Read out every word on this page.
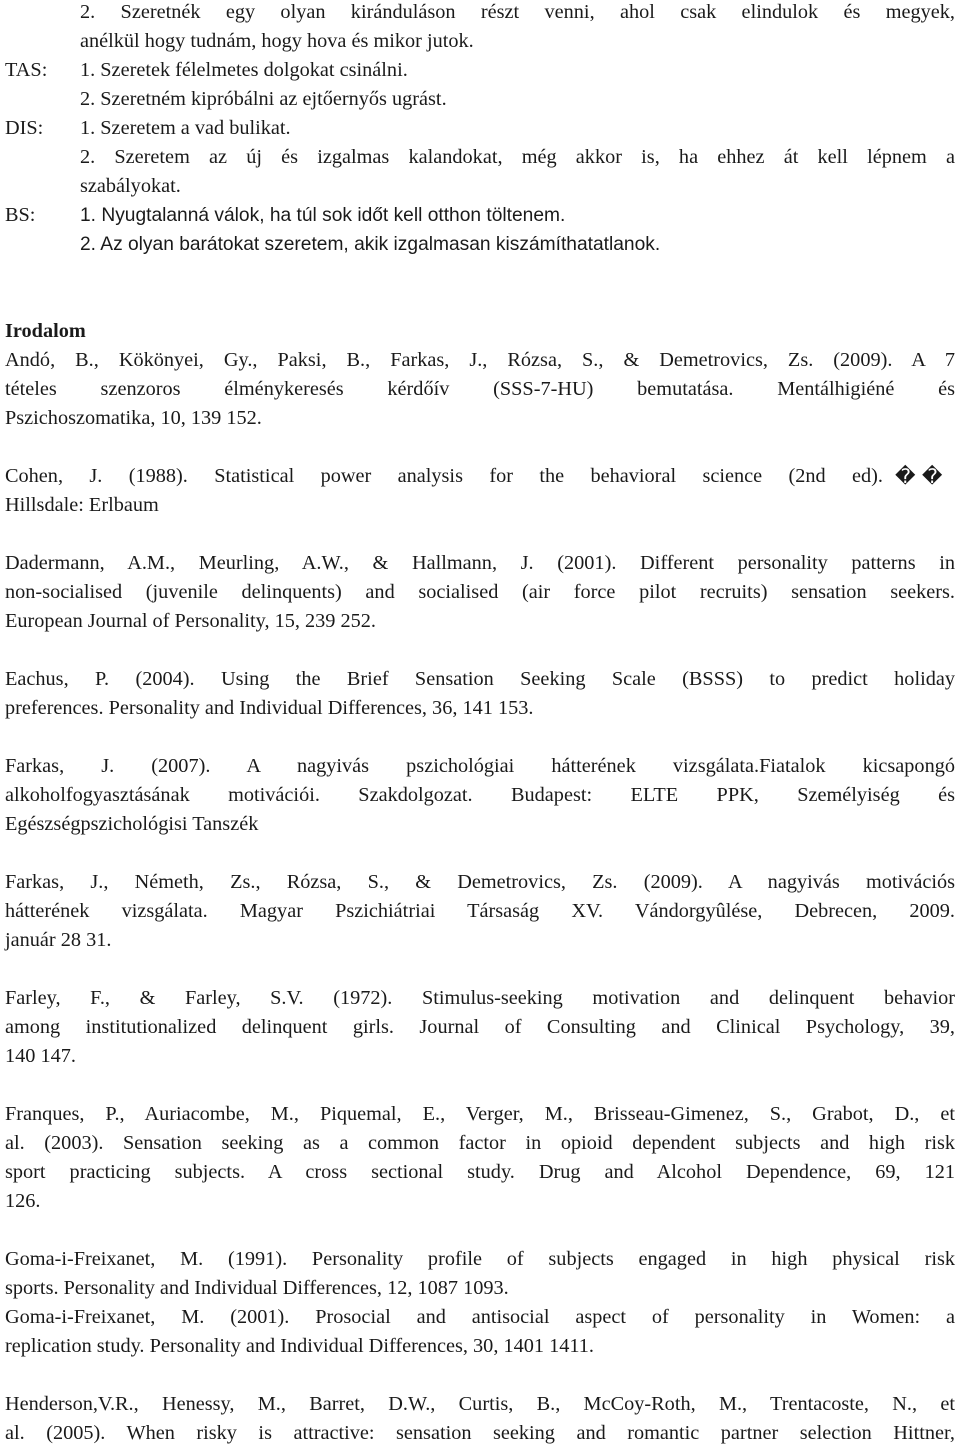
2. Szeretnék egy olyan kiránduláson részt venni, ahol csak elindulok és megyek,
anélkül hogy tudnám, hogy hova és mikor jutok.
TAS: 1. Szeretek félelmetes dolgokat csinálni.
2. Szeretném kipróbálni az ejtőernyős ugrást.
DIS: 1. Szeretem a vad bulikat.
2. Szeretem az új és izgalmas kalandokat, még akkor is, ha ehhez át kell lépnem a
szabályokat.
BS: 1. Nyugtalanná válok, ha túl sok időt kell otthon töltenem.
2. Az olyan barátokat szeretem, akik izgalmasan kiszámíthatatlanok.
Irodalom
Andó, B., Kökönyei, Gy., Paksi, B., Farkas, J., Rózsa, S., & Demetrovics, Zs. (2009). A 7
tételes szenzoros élménykeresés kérdőív (SSS-7-HU) bemutatása. Mentálhigiéné és
Pszichoszomatika, 10, 139 152.
Cohen, J. (1988). Statistical power analysis for the behavioral science (2nd ed). � �
Hillsdale: Erlbaum
Dadermann, A.M., Meurling, A.W., & Hallmann, J. (2001). Different personality patterns in
non-socialised (juvenile delinquents) and socialised (air force pilot recruits) sensation seekers.
European Journal of Personality, 15, 239 252.
Eachus, P. (2004). Using the Brief Sensation Seeking Scale (BSSS) to predict holiday
preferences. Personality and Individual Differences, 36, 141 153.
Farkas, J. (2007). A nagyivás pszichológiai hátterének vizsgálata.Fiatalok kicsapongó
alkoholfogyasztásának motivációi. Szakdolgozat. Budapest: ELTE PPK, Személyiség és
Egészségpszichológisi Tanszék
Farkas, J., Németh, Zs., Rózsa, S., & Demetrovics, Zs. (2009). A nagyivás motivációs
hátterének vizsgálata. Magyar Pszichiátriai Társaság XV. Vándorgyûlése, Debrecen, 2009.
január 28 31.
Farley, F., & Farley, S.V. (1972). Stimulus-seeking motivation and delinquent behavior
among institutionalized delinquent girls. Journal of Consulting and Clinical Psychology, 39,
140 147.
Franques, P., Auriacombe, M., Piquemal, E., Verger, M., Brisseau-Gimenez, S., Grabot, D., et
al. (2003). Sensation seeking as a common factor in opioid dependent subjects and high risk
sport practicing subjects. A cross sectional study. Drug and Alcohol Dependence, 69, 121
126.
Goma-i-Freixanet, M. (1991). Personality profile of subjects engaged in high physical risk
sports. Personality and Individual Differences, 12, 1087 1093.
Goma-i-Freixanet, M. (2001). Prosocial and antisocial aspect of personality in Women: a
replication study. Personality and Individual Differences, 30, 1401 1411.
Henderson,V.R., Henessy, M., Barret, D.W., Curtis, B., McCoy-Roth, M., Trentacoste, N., et
al. (2005). When risky is attractive: sensation seeking and romantic partner selection Hittner,
